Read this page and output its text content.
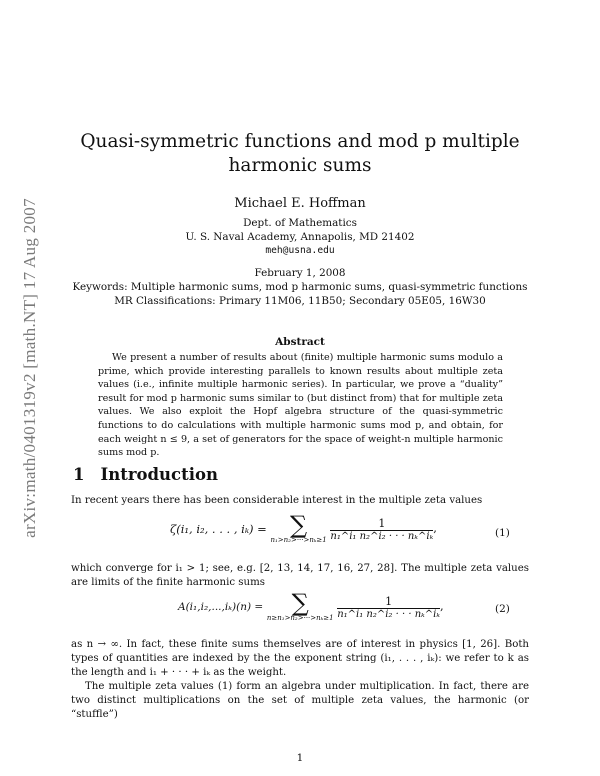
arXiv:math/0401319v2 [math.NT] 17 Aug 2007
Quasi-symmetric functions and mod p multiple
harmonic sums
Michael E. Hoffman
Dept. of Mathematics
U. S. Naval Academy, Annapolis, MD 21402
meh@usna.edu
February 1, 2008
Keywords: Multiple harmonic sums, mod p harmonic sums, quasi-symmetric functions
MR Classifications: Primary 11M06, 11B50; Secondary 05E05, 16W30
Abstract
We present a number of results about (finite) multiple harmonic sums modulo a prime, which provide interesting parallels to known results about multiple zeta values (i.e., infinite multiple harmonic series). In particular, we prove a “duality” result for mod p harmonic sums similar to (but distinct from) that for multiple zeta values. We also exploit the Hopf algebra structure of the quasi-symmetric functions to do calculations with multiple harmonic sums mod p, and obtain, for each weight n ≤ 9, a set of generators for the space of weight-n multiple harmonic sums mod p.
1 Introduction
In recent years there has been considerable interest in the multiple zeta values
ζ(i₁, i₂, . . . , iₖ) = ∑
n₁>n₂>···>nₖ≥1
$\frac{1}{\text{n₁\textasciicircum{}i₁ n₂\textasciicircum{}i₂ · · · nₖ\textasciicircum{}iₖ}}$ ,	(1)
which converge for i₁ > 1; see, e.g. [2, 13, 14, 17, 16, 27, 28]. The multiple zeta values are limits of the finite harmonic sums
A(i₁,i₂,...,iₖ)(n) =	∑
n≥n₁>n₂>···>nₖ≥1
$\frac{1}{\text{n₁\textasciicircum{}i₁ n₂\textasciicircum{}i₂ · · · nₖ\textasciicircum{}iₖ}}$ ,	(2)
as n → ∞. In fact, these finite sums themselves are of interest in physics [1, 26]. Both types of quantities are indexed by the the exponent string (i₁, . . . , iₖ): we refer to k as the length and i₁ + · · · + iₖ as the weight.
The multiple zeta values (1) form an algebra under multiplication. In fact, there are two distinct multiplications on the set of multiple zeta values, the harmonic (or “stuffle”)
1
